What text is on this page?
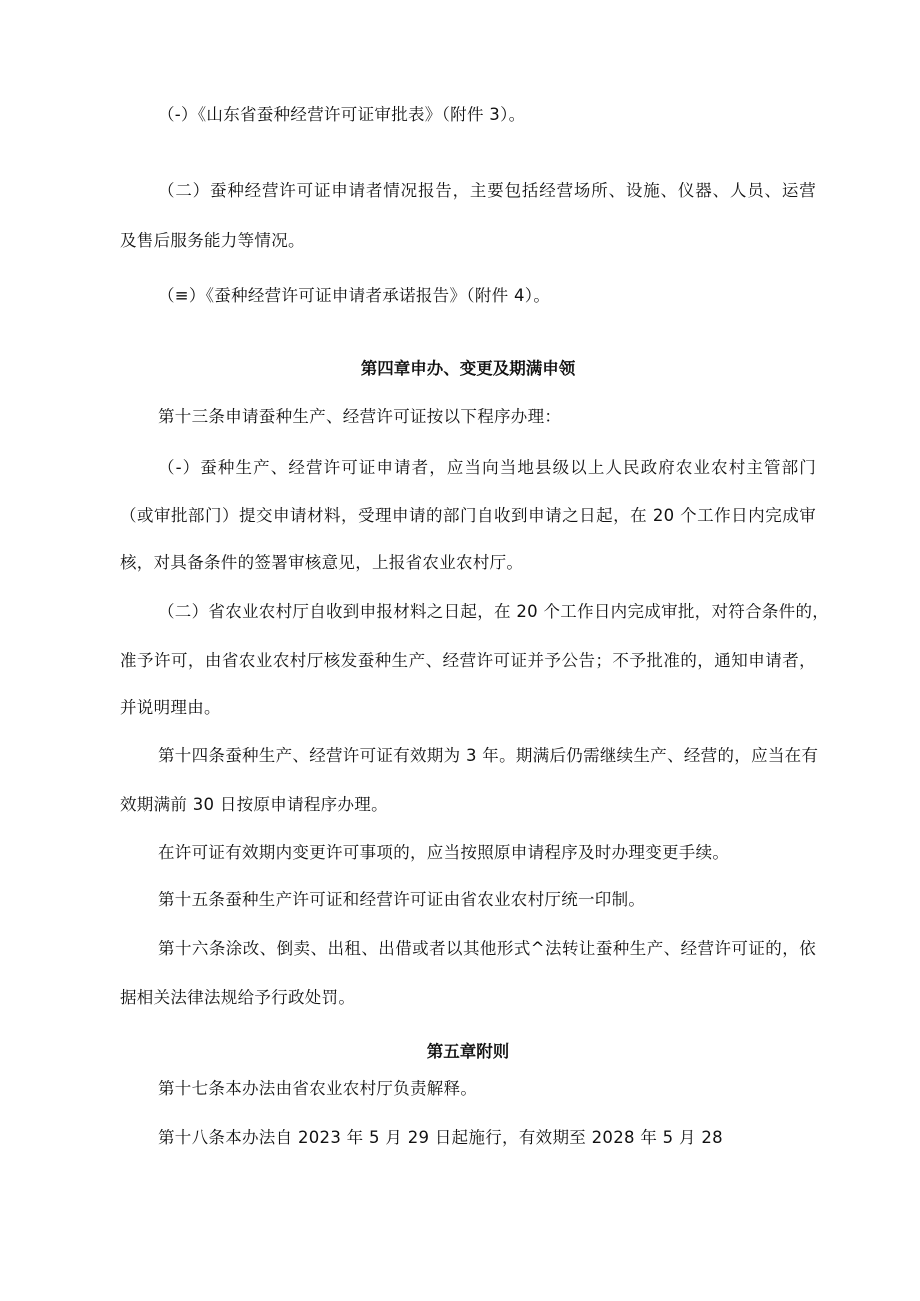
（-）《山东省蚕种经营许可证审批表》（附件 3）。
（二）蚕种经营许可证申请者情况报告，主要包括经营场所、设施、仪器、人员、运营
及售后服务能力等情况。
（≡）《蚕种经营许可证申请者承诺报告》（附件 4）。
第四章申办、变更及期满申领
第十三条申请蚕种生产、经营许可证按以下程序办理：
（-）蚕种生产、经营许可证申请者，应当向当地县级以上人民政府农业农村主管部门
（或审批部门）提交申请材料，受理申请的部门自收到申请之日起，在 20 个工作日内完成审
核，对具备条件的签署审核意见，上报省农业农村厅。
（二）省农业农村厅自收到申报材料之日起，在 20 个工作日内完成审批，对符合条件的，
准予许可，由省农业农村厅核发蚕种生产、经营许可证并予公告；不予批准的，通知申请者，
并说明理由。
第十四条蚕种生产、经营许可证有效期为 3 年。期满后仍需继续生产、经营的，应当在有
效期满前 30 日按原申请程序办理。
在许可证有效期内变更许可事项的，应当按照原申请程序及时办理变更手续。
第十五条蚕种生产许可证和经营许可证由省农业农村厅统一印制。
第十六条涂改、倒卖、出租、出借或者以其他形式^法转让蚕种生产、经营许可证的，依
据相关法律法规给予行政处罚。
第五章附则
第十七条本办法由省农业农村厅负责解释。
第十八条本办法自 2023 年 5 月 29 日起施行，有效期至 2028 年 5 月 28
